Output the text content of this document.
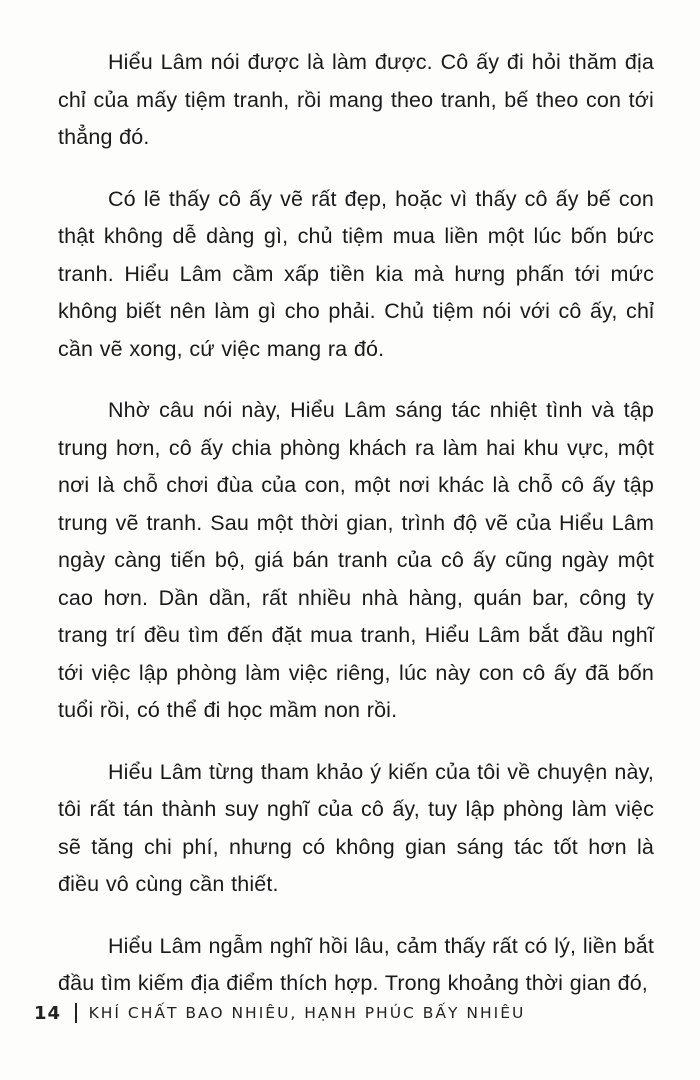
Hiểu Lâm nói được là làm được. Cô ấy đi hỏi thăm địa chỉ của mấy tiệm tranh, rồi mang theo tranh, bế theo con tới thẳng đó.

Có lẽ thấy cô ấy vẽ rất đẹp, hoặc vì thấy cô ấy bế con thật không dễ dàng gì, chủ tiệm mua liền một lúc bốn bức tranh. Hiểu Lâm cầm xấp tiền kia mà hưng phấn tới mức không biết nên làm gì cho phải. Chủ tiệm nói với cô ấy, chỉ cần vẽ xong, cứ việc mang ra đó.

Nhờ câu nói này, Hiểu Lâm sáng tác nhiệt tình và tập trung hơn, cô ấy chia phòng khách ra làm hai khu vực, một nơi là chỗ chơi đùa của con, một nơi khác là chỗ cô ấy tập trung vẽ tranh. Sau một thời gian, trình độ vẽ của Hiểu Lâm ngày càng tiến bộ, giá bán tranh của cô ấy cũng ngày một cao hơn. Dần dần, rất nhiều nhà hàng, quán bar, công ty trang trí đều tìm đến đặt mua tranh, Hiểu Lâm bắt đầu nghĩ tới việc lập phòng làm việc riêng, lúc này con cô ấy đã bốn tuổi rồi, có thể đi học mầm non rồi.

Hiểu Lâm từng tham khảo ý kiến của tôi về chuyện này, tôi rất tán thành suy nghĩ của cô ấy, tuy lập phòng làm việc sẽ tăng chi phí, nhưng có không gian sáng tác tốt hơn là điều vô cùng cần thiết.

Hiểu Lâm ngẫm nghĩ hồi lâu, cảm thấy rất có lý, liền bắt đầu tìm kiếm địa điểm thích hợp. Trong khoảng thời gian đó,

14 KHÍ CHẤT BAO NHIÊU, HẠNH PHÚC BẤY NHIÊU
